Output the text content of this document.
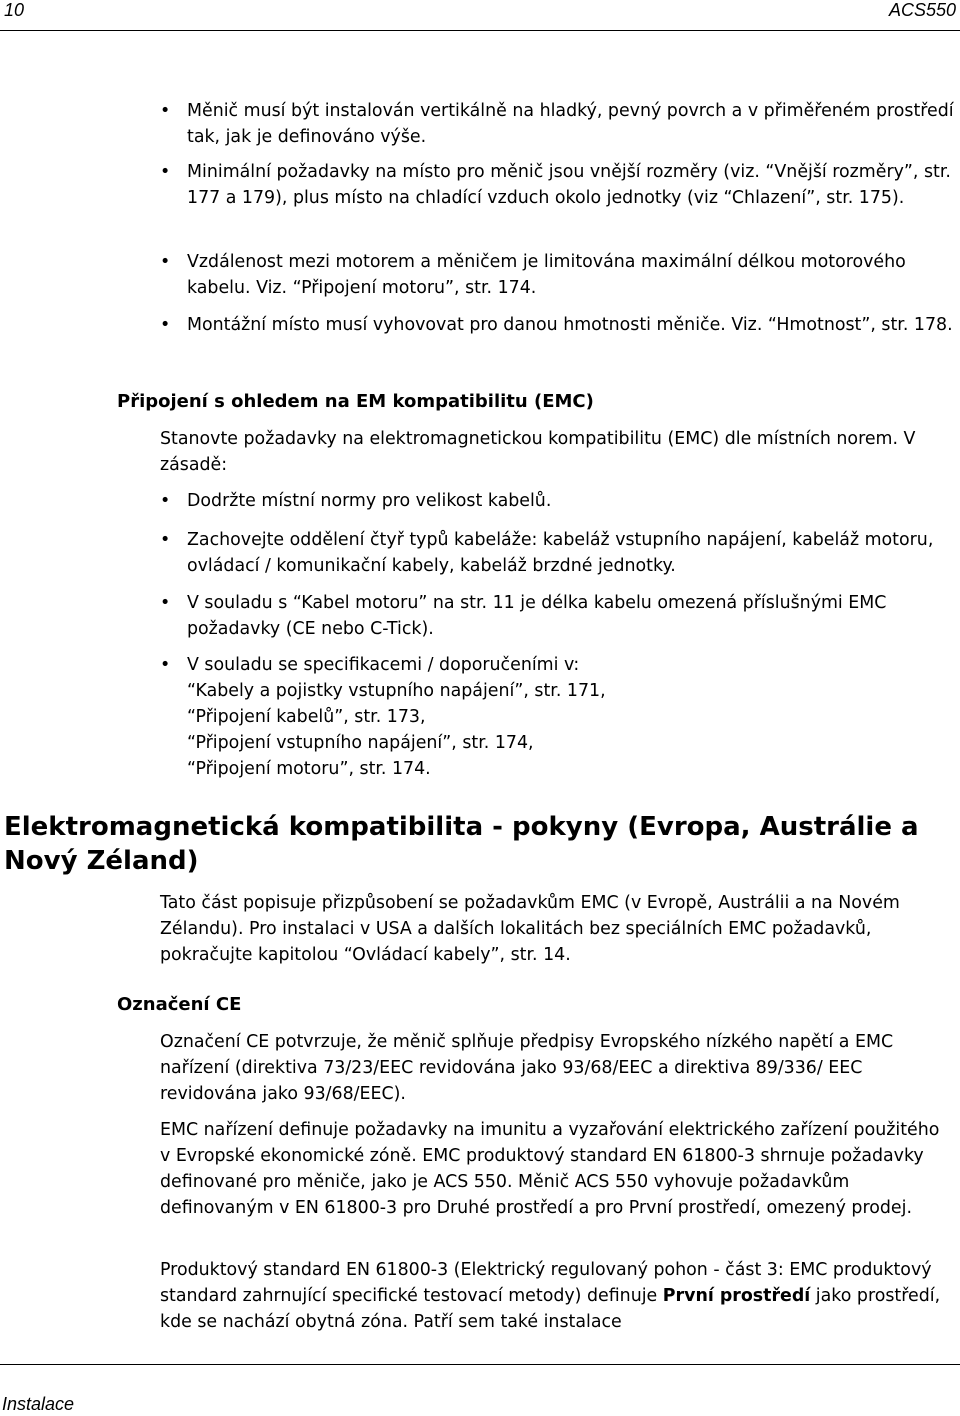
10	ACS550
• Měnič musí být instalován vertikálně na hladký, pevný povrch a v přiměřeném prostředí tak, jak je definováno výše.

• Minimální požadavky na místo pro měnič jsou vnější rozměry (viz. “Vnější rozměry”, str. 177 a 179), plus místo na chladící vzduch okolo jednotky (viz “Chlazení”, str. 175).

• Vzdálenost mezi motorem a měničem je limitována maximální délkou motorového kabelu. Viz. “Připojení motoru”, str. 174.

• Montážní místo musí vyhovovat pro danou hmotnosti měniče. Viz. “Hmotnost”, str. 178.

Připojení s ohledem na EM kompatibilitu (EMC)

Stanovte požadavky na elektromagnetickou kompatibilitu (EMC) dle místních norem. V zásadě:

• Dodržte místní normy pro velikost kabelů.

• Zachovejte oddělení čtyř typů kabeláže: kabeláž vstupního napájení, kabeláž motoru, ovládací / komunikační kabely, kabeláž brzdné jednotky.

• V souladu s “Kabel motoru” na str. 11 je délka kabelu omezená příslušnými EMC požadavky (CE nebo C-Tick).

• V souladu se specifikacemi / doporučeními v:

“Kabely a pojistky vstupního napájení”, str. 171,

“Připojení kabelů”, str. 173,

“Připojení vstupního napájení”, str. 174,

“Připojení motoru”, str. 174.

Elektromagnetická kompatibilita - pokyny (Evropa, Austrálie a Nový Zéland)

Tato část popisuje přizpůsobení se požadavkům EMC (v Evropě, Austrálii a na Novém Zélandu). Pro instalaci v USA a dalších lokalitách bez speciálních EMC požadavků, pokračujte kapitolou “Ovládací kabely”, str. 14.

Označení CE

Označení CE potvrzuje, že měnič splňuje předpisy Evropského nízkého napětí a EMC nařízení (direktiva 73/23/EEC revidována jako 93/68/EEC a direktiva 89/336/ EEC revidována jako 93/68/EEC).

EMC nařízení definuje požadavky na imunitu a vyzařování elektrického zařízení použitého v Evropské ekonomické zóně. EMC produktový standard EN 61800-3 shrnuje požadavky definované pro měniče, jako je ACS 550. Měnič ACS 550 vyhovuje požadavkům definovaným v EN 61800-3 pro Druhé prostředí a pro První prostředí, omezený prodej.

Produktový standard EN 61800-3 (Elektrický regulovaný pohon - část 3: EMC produktový standard zahrnující specifické testovací metody) definuje První prostředí jako prostředí, kde se nachází obytná zóna. Patří sem také instalace

Instalace
